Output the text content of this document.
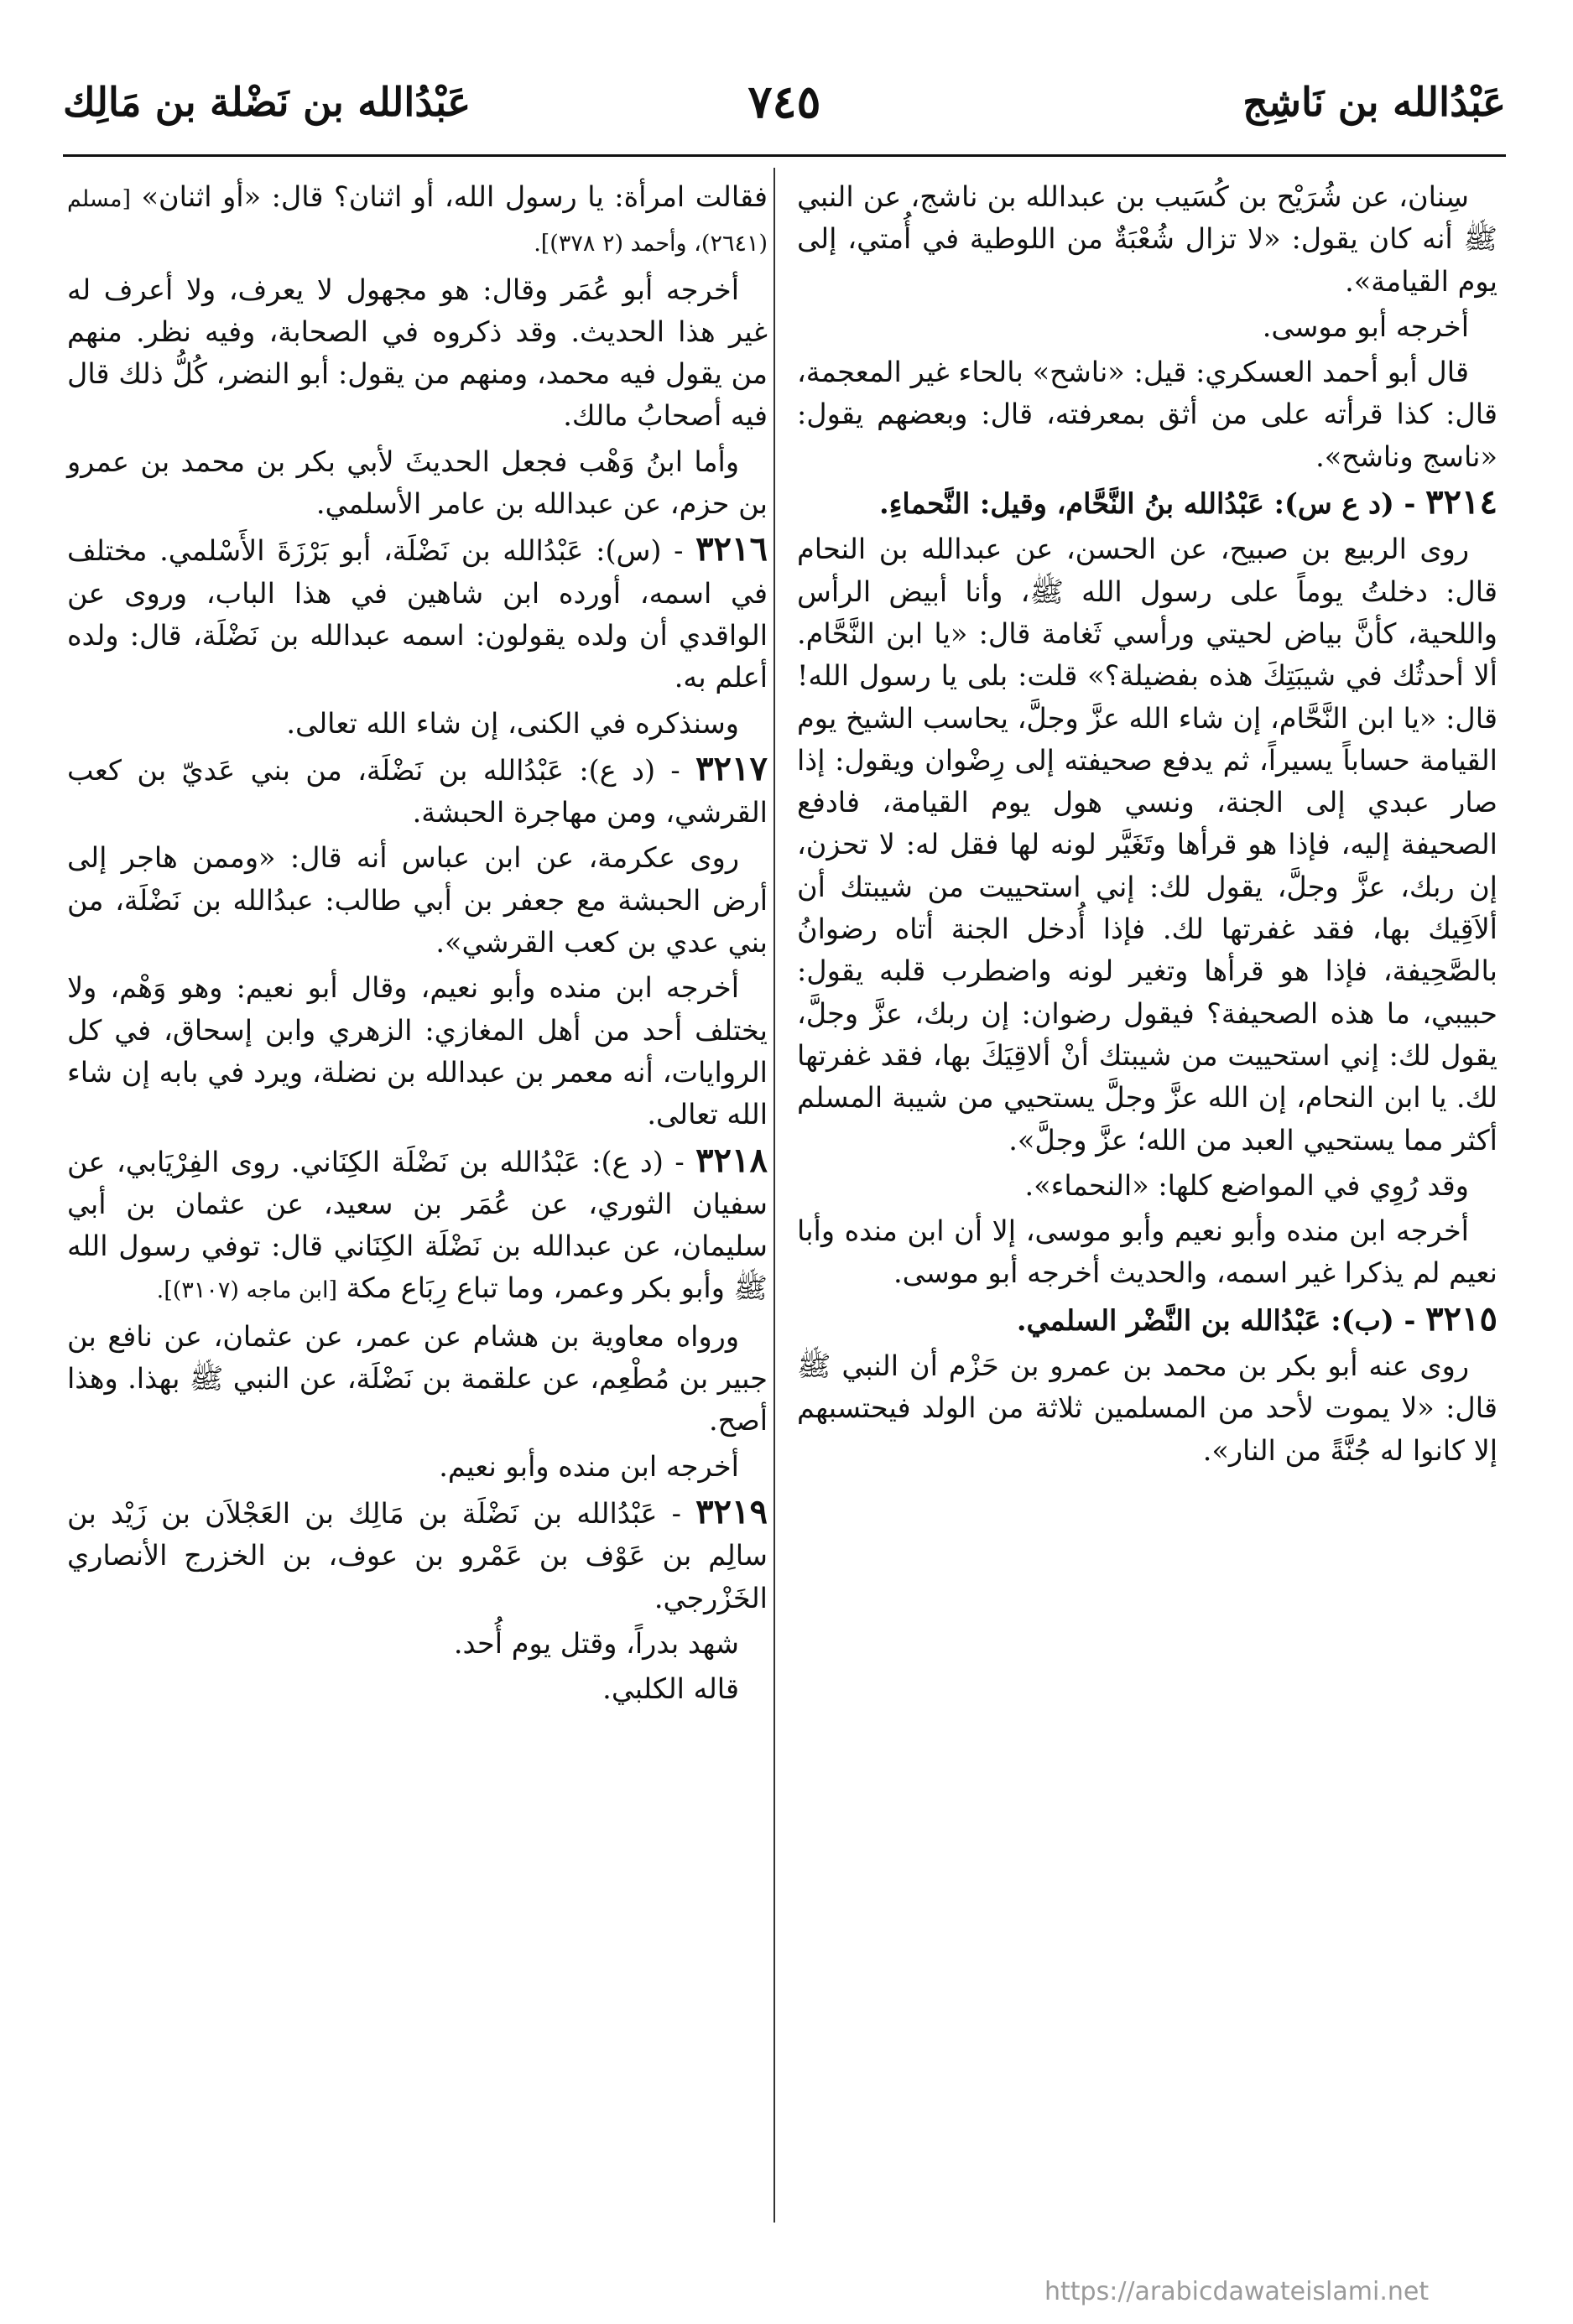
عَبْدُالله بن نَاشِج
٧٤٥
عَبْدُالله بن نَضْلة بن مَالِك

سِنان، عن شُرَيْح بن كُسَيب بن عبدالله بن ناشج، عن النبي ﷺ أنه كان يقول: «لا تزال شُعْبَةٌ من اللوطية في أُمتي، إلى يوم القيامة».

أخرجه أبو موسى.

قال أبو أحمد العسكري: قيل: «ناشح» بالحاء غير المعجمة، قال: كذا قرأته على من أثق بمعرفته، قال: وبعضهم يقول: «ناسج وناشح».

٣٢١٤ - (د ع س): عَبْدُالله بنُ النَّحَّام، وقيل: النَّحماءِ.

روى الربيع بن صبيح، عن الحسن، عن عبدالله بن النحام قال: دخلتُ يوماً على رسول الله ﷺ، وأنا أبيض الرأس واللحية، كأنَّ بياض لحيتي ورأسي ثَغامة قال: «يا ابن النَّحَّام. ألا أحدثُك في شيبَتِكَ هذه بفضيلة؟» قلت: بلى يا رسول الله! قال: «يا ابن النَّحَّام، إن شاء الله عزَّ وجلَّ، يحاسب الشيخ يوم القيامة حساباً يسيراً، ثم يدفع صحيفته إلى رِضْوان ويقول: إذا صار عبدي إلى الجنة، ونسي هول يوم القيامة، فادفع الصحيفة إليه، فإذا هو قرأها وتَغَيَّر لونه لها فقل له: لا تحزن، إن ربك، عزَّ وجلَّ، يقول لك: إني استحييت من شيبتك أن ألاَقِيك بها، فقد غفرتها لك. فإذا أُدخل الجنة أتاه رضوانُ بالصَّحِيفة، فإذا هو قرأها وتغير لونه واضطرب قلبه يقول: حبيبي، ما هذه الصحيفة؟ فيقول رضوان: إن ربك، عزَّ وجلَّ، يقول لك: إني استحييت من شيبتك أنْ ألاقِيَكَ بها، فقد غفرتها لك. يا ابن النحام، إن الله عزَّ وجلَّ يستحيي من شيبة المسلم أكثر مما يستحيي العبد من الله؛ عزَّ وجلَّ».

وقد رُوِي في المواضع كلها: «النحماء».

أخرجه ابن منده وأبو نعيم وأبو موسى، إلا أن ابن منده وأبا نعيم لم يذكرا غير اسمه، والحديث أخرجه أبو موسى.

٣٢١٥ - (ب): عَبْدُالله بن النَّضْر السلمي.

روى عنه أبو بكر بن محمد بن عمرو بن حَزْم أن النبي ﷺ قال: «لا يموت لأحد من المسلمين ثلاثة من الولد فيحتسبهم إلا كانوا له جُنَّةً من النار».

فقالت امرأة: يا رسول الله، أو اثنان؟ قال: «أو اثنان» [مسلم (٢٦٤١)، وأحمد (٢ ٣٧٨)].

أخرجه أبو عُمَر وقال: هو مجهول لا يعرف، ولا أعرف له غير هذا الحديث. وقد ذكروه في الصحابة، وفيه نظر. منهم من يقول فيه محمد، ومنهم من يقول: أبو النضر، كُلُّ ذلك قال فيه أصحابُ مالك.

وأما ابنُ وَهْب فجعل الحديثَ لأبي بكر بن محمد بن عمرو بن حزم، عن عبدالله بن عامر الأسلمي.

٣٢١٦ - (س): عَبْدُالله بن نَضْلَة، أبو بَرْزَةَ الأَسْلمي. مختلف في اسمه، أورده ابن شاهين في هذا الباب، وروى عن الواقدي أن ولده يقولون: اسمه عبدالله بن نَضْلَة، قال: ولده أعلم به.

وسنذكره في الكنى، إن شاء الله تعالى.

٣٢١٧ - (د ع): عَبْدُالله بن نَضْلَة، من بني عَديّ بن كعب القرشي، ومن مهاجرة الحبشة.

روى عكرمة، عن ابن عباس أنه قال: «وممن هاجر إلى أرض الحبشة مع جعفر بن أبي طالب: عبدُالله بن نَضْلَة، من بني عدي بن كعب القرشي».

أخرجه ابن منده وأبو نعيم، وقال أبو نعيم: وهو وَهْم، ولا يختلف أحد من أهل المغازي: الزهري وابن إسحاق، في كل الروايات، أنه معمر بن عبدالله بن نضلة، ويرد في بابه إن شاء الله تعالى.

٣٢١٨ - (د ع): عَبْدُالله بن نَضْلَة الكِنَاني. روى الفِرْيَابي، عن سفيان الثوري، عن عُمَر بن سعيد، عن عثمان بن أبي سليمان، عن عبدالله بن نَضْلَة الكِنَاني قال: توفي رسول الله ﷺ وأبو بكر وعمر، وما تباع رِبَاع مكة [ابن ماجه (٣١٠٧)].

ورواه معاوية بن هشام عن عمر، عن عثمان، عن نافع بن جبير بن مُطْعِم، عن علقمة بن نَضْلَة، عن النبي ﷺ بهذا. وهذا أصح.

أخرجه ابن منده وأبو نعيم.

٣٢١٩ - عَبْدُالله بن نَضْلَة بن مَالِك بن العَجْلاَن بن زَيْد بن سالِم بن عَوْف بن عَمْرو بن عوف، بن الخزرج الأنصاري الخَزْرجي.

شهد بدراً، وقتل يوم أُحد.

قاله الكلبي.

https://arabicdawateislami.net
